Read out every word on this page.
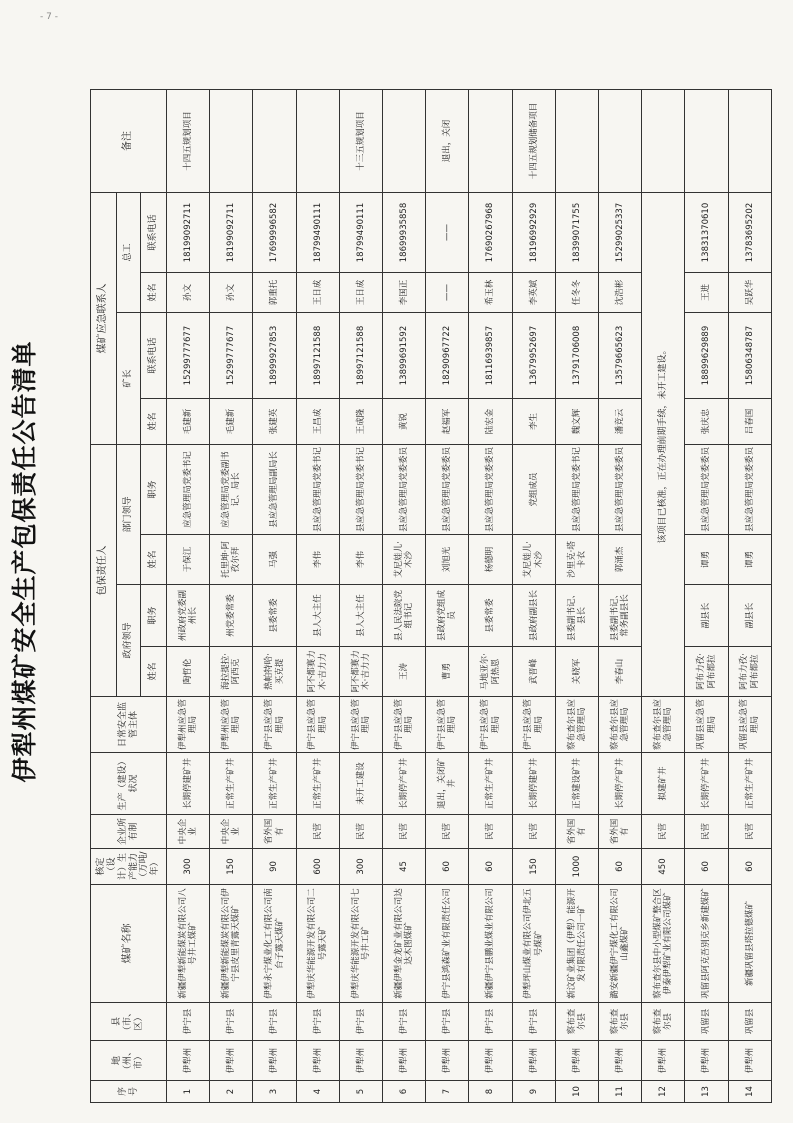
- 7 -
伊犁州煤矿安全生产包保责任公告清单
序号	地（州、市）	县（市、区）	煤矿名称	核定（设计）生产能力（万吨/年）	企业所有制	生产（建设）状况	日常安全监管主体	包保责任人				煤矿应急联系人				备注
								政府领导		部门领导		矿长		总工		
								姓名	职务	姓名	职务	姓名	联系电话	姓名	联系电话	
1	伊犁州	伊宁县	新疆伊犁新能煤炭有限公司八号井工煤矿	300	中央企业	长期停建矿井	伊犁州应急管理局	陶哲伦	州政府党委副州长	于保江	应急管理局党委书记	毛建新	15299777677	孙文	18199092711	十四五规划项目
2	伊犁州	伊宁县	新疆伊犁新能煤炭有限公司伊宁县皮里青露天煤矿	150	中央企业	正常生产矿井	伊犁州应急管理局	海拉提拉·阿西克	州党委常委	托里坤·阿孜尔拜	应急管理局党委副书记、局长	毛建新	15299777677	孙文	18199092711	
3	伊犁州	伊宁县	伊犁永宁煤业化工有限公司南台子露天煤矿	90	省外国有	正常生产矿井	伊宁县应急管理局	热帕特哈·买克提	县委常委	马强	县应急管理局副局长	张建英	18999927853	郭重托	17699996582	
4	伊犁州	伊宁县	伊犁庆华能源开发有限公司二号露天矿	600	民营	正常生产矿井	伊宁县应急管理局	阿不都赛力木·吉力力	县人大主任	李伟	县应急管理局党委书记	王昌成	18997121588	王日成	18799490111	
5	伊犁州	伊宁县	伊犁庆华能源开发有限公司七号井工矿	300	民营	未开工建设	伊宁县应急管理局	阿不都赛力木·吉力力	县人大主任	李伟	县应急管理局党委书记	王成隆	18997121588	王日成	18799490111	十三五规划项目
6	伊犁州	伊宁县	新疆伊犁金龙矿业有限公司达达木图煤矿	45	民营	长期停产矿井	伊宁县应急管理局	王涛	县人民法院党组书记	艾尼娃儿·木沙	县应急管理局党委委员	黄锐	13899691592	李国正	18699935858	
7	伊犁州	伊宁县	伊宁县鸿森矿业有限责任公司	60	民营	退出，关闭矿井	伊宁县应急管理局	曹勇	县政府党组成员	刘旭光	县应急管理局党委委员	赵福军	18290967722	——	——	退出，关闭
8	伊犁州	伊宁县	新疆伊宁县鹏业煤业有限公司	60	民营	正常生产矿井	伊宁县应急管理局	马地亚尔·阿热恩	县委常委	杨德明	县应急管理局党委委员	陆宏金	18116939857	希玉林	17690267968	
9	伊犁州	伊宁县	伊犁坪山煤业有限公司伊北五号煤矿	150	民营	长期停建矿井	伊宁县应急管理局	武晋峰	县政府副县长	艾尼娃儿·木沙	党组成员	李生	13679952697	李英斌	18196992929	十四五规划储备项目
10	伊犁州	察布查尔县	新汶矿业集团（伊犁）能源开发有限责任公司一矿	1000	省外国有	正常建设矿井	察布查尔县应急管理局	关晓军	县委副书记、县长	沙里克·塔卡衣	县应急管理局党委书记	魏文辉	13791706008	任冬冬	18399071755	
11	伊犁州	察布查尔县	潞安新疆伊宁煤化工有限公司山鑫煤矿	60	省外国有	长期停产矿井	察布查尔县应急管理局	李春山	县委副书记、常务副县长	郭涌杰	县应急管理局党委委员	潘竞云	13579665623	沈浩彬	15299025337	
12	伊犁州	察布查尔县	察布查尔县中小型煤矿整合区伊泰伊犁矿业有限公司煤矿	450	民营	拟建矿井	察布查尔县应急管理局	该项目已核准，正在办理前期手续，未开工建设。								
13	伊犁州	巩留县	巩留县阿克吾别克乡新建煤矿	60	民营	长期停产矿井	巩留县应急管理局	阿布力孜·阿布都拉	副县长	谭勇	县应急管理局党委委员	张庆忠	18899629889	王进	13831370610	
14	伊犁州	巩留县	新疆巩留县塔拉德煤矿	60	民营	正常生产矿井	巩留县应急管理局	阿布力孜·阿布都拉	副县长	谭勇	县应急管理局党委委员	吕春国	15806348787	吴跃华	13783695202	
